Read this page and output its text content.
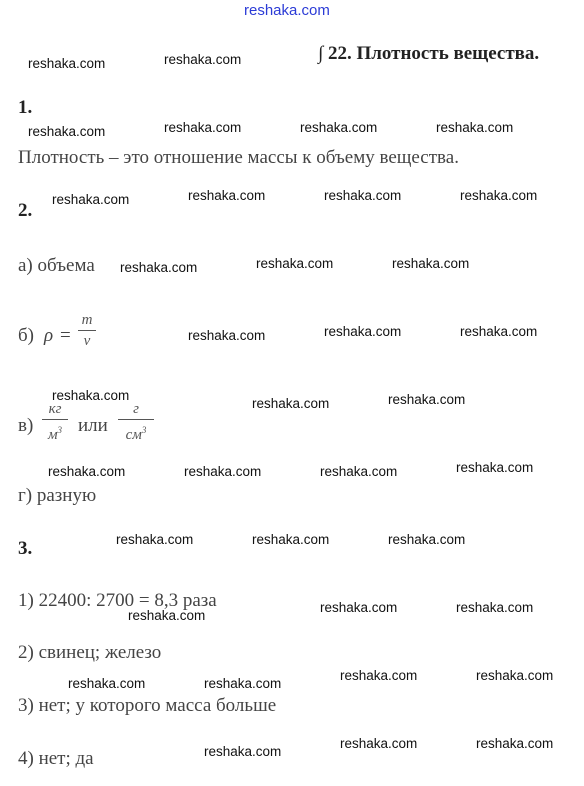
reshaka.com
∫ 22. Плотность вещества.
reshaka.com	reshaka.com
reshaka.com	reshaka.com	reshaka.com	reshaka.com
reshaka.com	reshaka.com	reshaka.com	reshaka.com
reshaka.com	reshaka.com	reshaka.com
reshaka.com	reshaka.com	reshaka.com
reshaka.com
reshaka.com	reshaka.com
reshaka.com	reshaka.com	reshaka.com	reshaka.com
reshaka.com	reshaka.com	reshaka.com
reshaka.com	reshaka.com
reshaka.com
reshaka.com	reshaka.com
reshaka.com	reshaka.com
reshaka.com
reshaka.com	reshaka.com
1.
Плотность – это отношение массы к объему вещества.
2.
а) объема
б) ρ =
m
v
в)
кг
$м^3$ или
г
$см^3$
г) разную
3.
1) 22400: 2700 = 8,3 раза
2) свинец; железо
3) нет; у которого масса больше
4) нет; да
